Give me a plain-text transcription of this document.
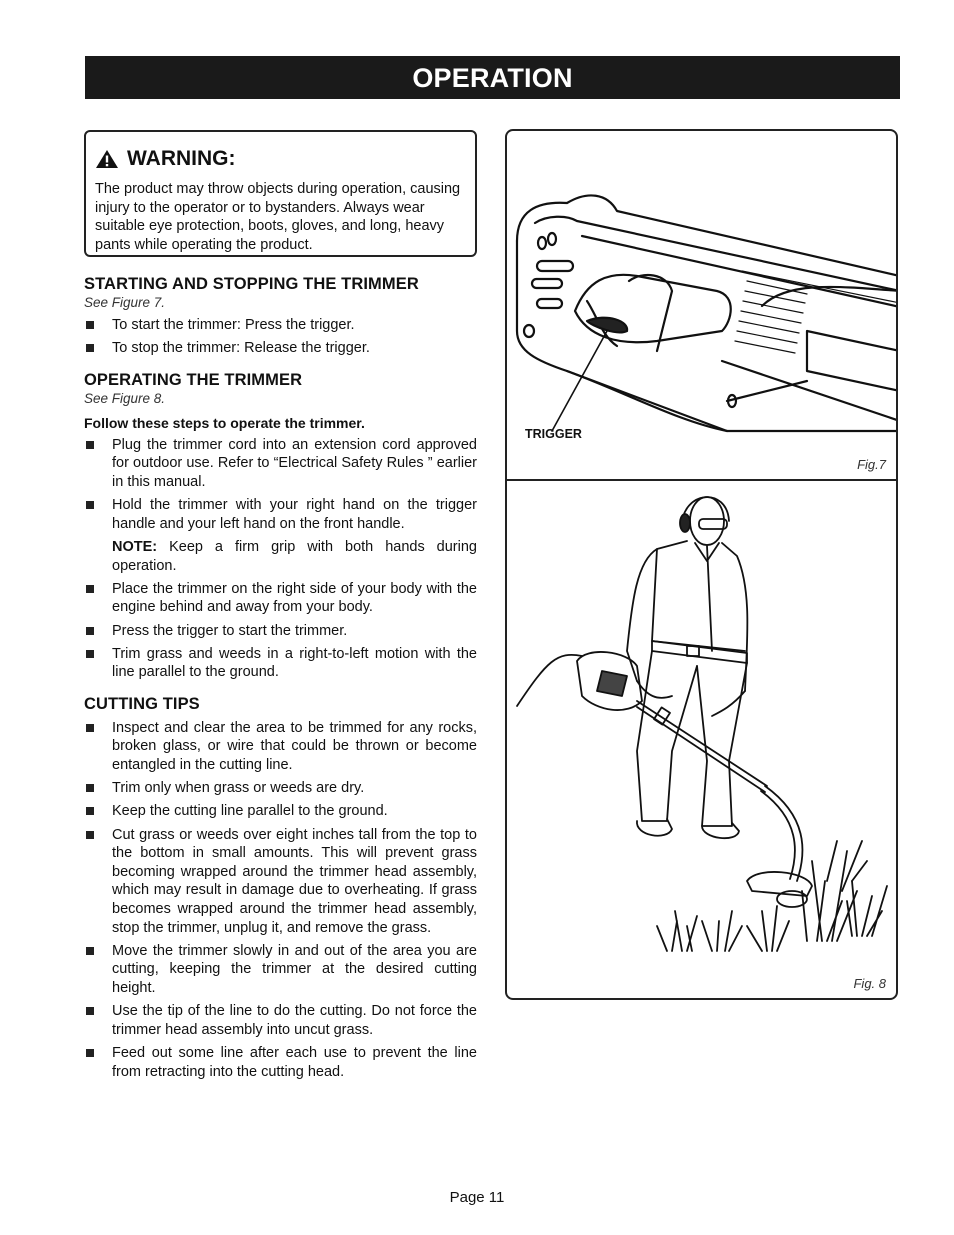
OPERATION
WARNING:
The product may throw objects during operation, causing injury to the operator or to bystanders. Always wear suitable eye protection, boots, gloves, and long, heavy pants while operating the product.
STARTING AND STOPPING THE TRIMMER
See Figure 7.
To start the trimmer: Press the trigger.
To stop the trimmer: Release the trigger.
OPERATING THE TRIMMER
See Figure 8.
Follow these steps to operate the trimmer.
Plug the trimmer cord into an extension cord approved for outdoor use. Refer to “Electrical Safety Rules ” earlier in this manual.
Hold the trimmer with your right hand on the trigger handle and your left hand on the front handle.
NOTE: Keep a firm grip with both hands during operation.
Place the trimmer on the right side of your body with the engine behind and away from your body.
Press the trigger to start the trimmer.
Trim grass and weeds in a right-to-left motion with the line parallel to the ground.
CUTTING TIPS
Inspect and clear the area to be trimmed for any rocks, broken glass, or wire that could be thrown or become entangled in the cutting line.
Trim only when grass or weeds are dry.
Keep the cutting line parallel to the ground.
Cut grass or weeds over eight inches tall from the top to the bottom in small amounts. This will prevent grass becoming wrapped around the trimmer head assembly, which may result in damage due to overheating. If grass becomes wrapped around the trimmer head assembly, stop the trimmer, unplug it, and remove the grass.
Move the trimmer slowly in and out of the area you are cutting, keeping the trimmer at the desired cutting height.
Use the tip of the line to do the cutting. Do not force the trimmer head assembly into uncut grass.
Feed out some line after each use to prevent the line from retracting into the cutting head.
TRIGGER
Fig.7
Fig. 8
Page 11
